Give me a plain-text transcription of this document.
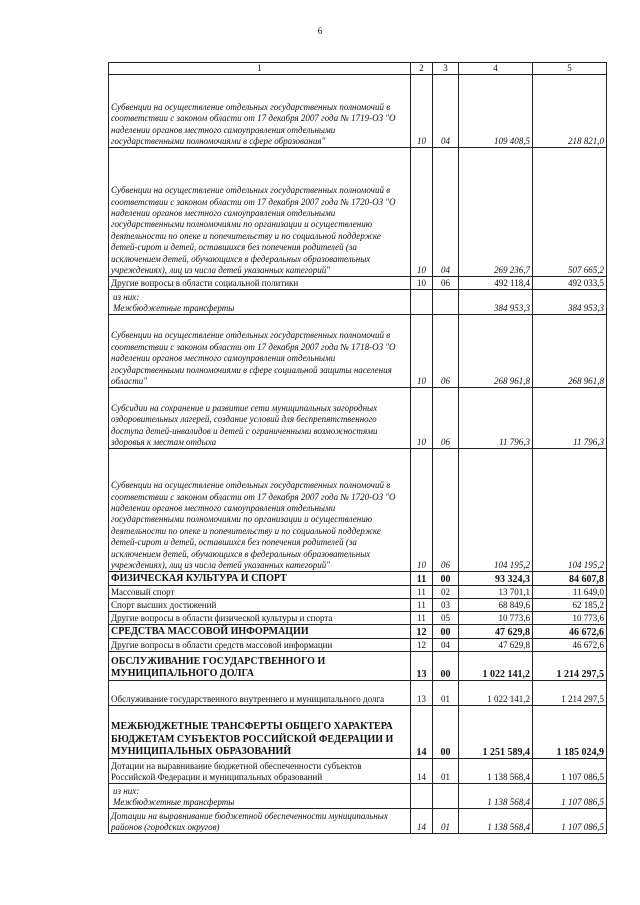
6
1	2	3	4	5
Субвенции на осуществление отдельных государственных полномочий в соответствии с законом области от 17 декабря 2007 года № 1719-ОЗ "О наделении органов местного самоуправления отдельными государственными полномочиями в сфере образования"	10	04	109 408,5	218 821,0
Субвенции на осуществление отдельных государственных полномочий в соответствии с законом области от 17 декабря 2007 года № 1720-ОЗ "О наделении органов местного самоуправления отдельными государственными полномочиями по организации и осуществлению деятельности по опеке и попечительству и по социальной поддержке детей-сирот и детей, оставшихся без попечения родителей (за исключением детей, обучающихся в федеральных образовательных учреждениях), лиц из числа детей указанных категорий"	10	04	269 236,7	507 665,2
Другие вопросы в области социальной политики	10	06	492 118,4	492 033,5

из них:
Межбюджетные трансферты			384 953,3	384 953,3
Субвенции на осуществление отдельных государственных полномочий в соответствии с законом области от 17 декабря 2007 года № 1718-ОЗ "О наделении органов местного самоуправления отдельными государственными полномочиями в сфере социальной защиты населения области"	10	06	268 961,8	268 961,8
Субсидии на сохранение и развитие сети муниципальных загородных оздоровительных лагерей, создание условий для беспрепятственного доступа детей-инвалидов и детей с ограниченными возможностями здоровья к местам отдыха	10	06	11 796,3	11 796,3
Субвенции на осуществление отдельных государственных полномочий в соответствии с законом области от 17 декабря 2007 года № 1720-ОЗ "О наделении органов местного самоуправления отдельными государственными полномочиями по организации и осуществлению деятельности по опеке и попечительству и по социальной поддержке детей-сирот и детей, оставшихся без попечения родителей (за исключением детей, обучающихся в федеральных образовательных учреждениях), лиц из числа детей указанных категорий"	10	06	104 195,2	104 195,2
ФИЗИЧЕСКАЯ КУЛЬТУРА И СПОРТ	11	00	93 324,3	84 607,8
Массовый спорт	11	02	13 701,1	11 649,0
Спорт высших достижений	11	03	68 849,6	62 185,2
Другие вопросы в области физической культуры и спорта	11	05	10 773,6	10 773,6
СРЕДСТВА МАССОВОЙ ИНФОРМАЦИИ	12	00	47 629,8	46 672,6
Другие вопросы в области средств массовой информации	12	04	47 629,8	46 672,6
ОБСЛУЖИВАНИЕ ГОСУДАРСТВЕННОГО И МУНИЦИПАЛЬНОГО ДОЛГА	13	00	1 022 141,2	1 214 297,5
Обслуживание государственного внутреннего и муниципального долга	13	01	1 022 141,2	1 214 297,5
МЕЖБЮДЖЕТНЫЕ ТРАНСФЕРТЫ ОБЩЕГО ХАРАКТЕРА БЮДЖЕТАМ СУБЪЕКТОВ РОССИЙСКОЙ ФЕДЕРАЦИИ И МУНИЦИПАЛЬНЫХ ОБРАЗОВАНИЙ	14	00	1 251 589,4	1 185 024,9
Дотации на выравнивание бюджетной обеспеченности субъектов Российской Федерации и муниципальных образований	14	01	1 138 568,4	1 107 086,5

из них:
Межбюджетные трансферты			1 138 568,4	1 107 086,5
Дотации на выравнивание бюджетной обеспеченности муниципальных районов (городских округов)	14	01	1 138 568,4	1 107 086,5
